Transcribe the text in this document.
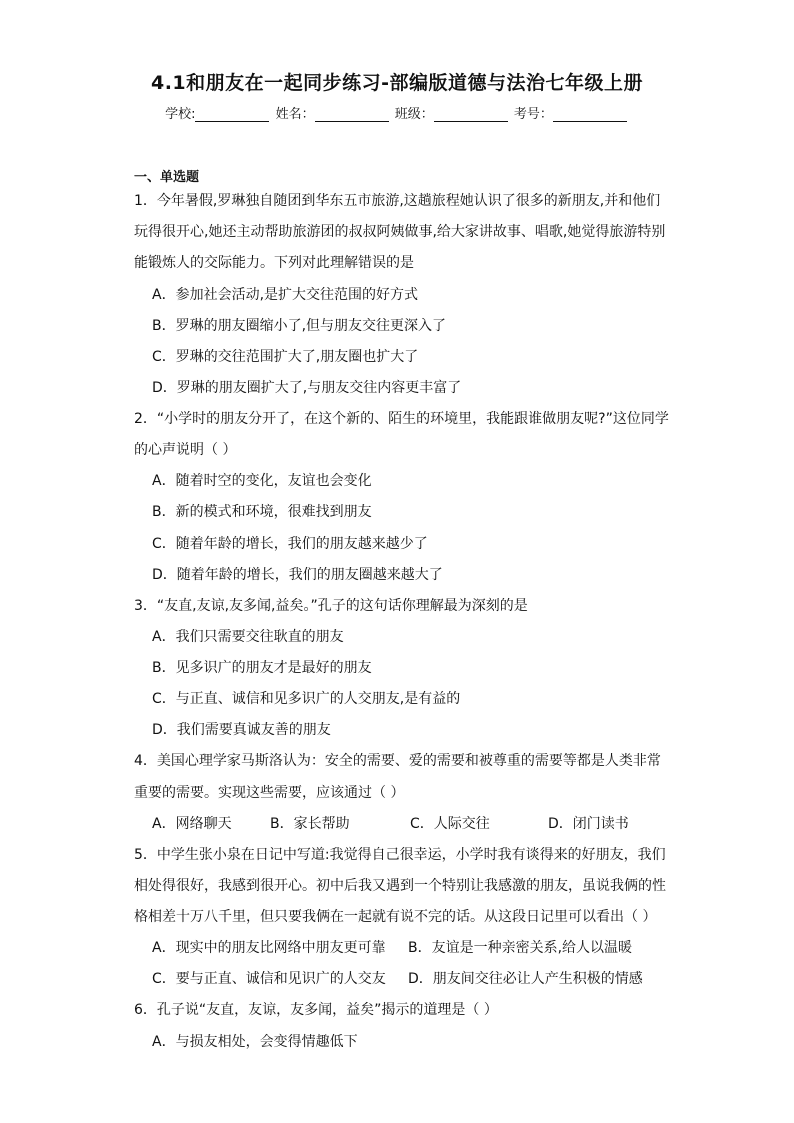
4.1和朋友在一起同步练习-部编版道德与法治七年级上册
学校:	姓名：	班级：	考号：
一、单选题
1．今年暑假,罗琳独自随团到华东五市旅游,这趟旅程她认识了很多的新朋友,并和他们
玩得很开心,她还主动帮助旅游团的叔叔阿姨做事,给大家讲故事、唱歌,她觉得旅游特别
能锻炼人的交际能力。下列对此理解错误的是
A．参加社会活动,是扩大交往范围的好方式
B．罗琳的朋友圈缩小了,但与朋友交往更深入了
C．罗琳的交往范围扩大了,朋友圈也扩大了
D．罗琳的朋友圈扩大了,与朋友交往内容更丰富了
2．“小学时的朋友分开了，在这个新的、陌生的环境里，我能跟谁做朋友呢?”这位同学
的心声说明（ ）
A．随着时空的变化，友谊也会变化
B．新的模式和环境，很难找到朋友
C．随着年龄的增长，我们的朋友越来越少了
D．随着年龄的增长，我们的朋友圈越来越大了
3．“友直,友谅,友多闻,益矣。”孔子的这句话你理解最为深刻的是
A．我们只需要交往耿直的朋友
B．见多识广的朋友才是最好的朋友
C．与正直、诚信和见多识广的人交朋友,是有益的
D．我们需要真诚友善的朋友
4．美国心理学家马斯洛认为：安全的需要、爱的需要和被尊重的需要等都是人类非常
重要的需要。实现这些需要，应该通过（ ）
A．网络聊天	B．家长帮助	C．人际交往	D．闭门读书
5．中学生张小泉在日记中写道:我觉得自己很幸运，小学时我有谈得来的好朋友，我们
相处得很好，我感到很开心。初中后我又遇到一个特别让我感激的朋友，虽说我俩的性
格相差十万八千里，但只要我俩在一起就有说不完的话。从这段日记里可以看出（ ）
A．现实中的朋友比网络中朋友更可靠 B．友谊是一种亲密关系,给人以温暖
C．要与正直、诚信和见识广的人交友 D．朋友间交往必让人产生积极的情感
6．孔子说“友直，友谅，友多闻，益矣”揭示的道理是（ ）
A．与损友相处，会变得情趣低下
